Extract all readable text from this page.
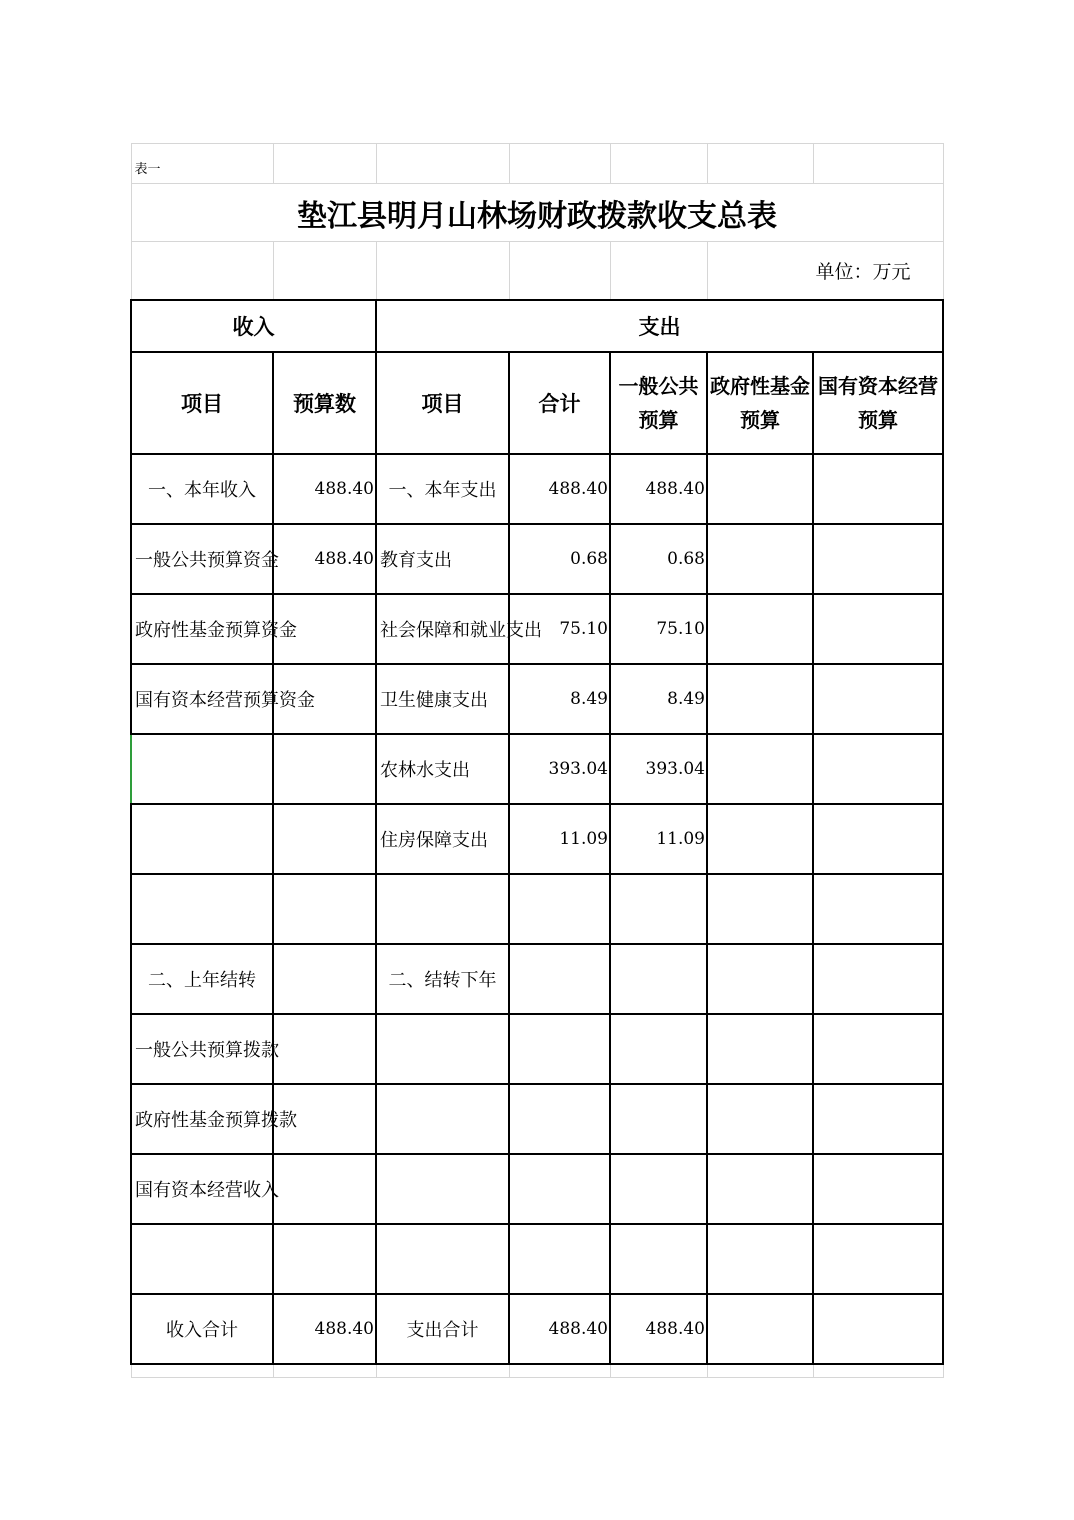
表一						
垫江县明月山林场财政拨款收支总表						
					单位：万元	
收入		支出				
项目	预算数	项目	合计	一般公共预算	政府性基金预算	国有资本经营预算
一、本年收入	488.40	一、本年支出	488.40	488.40		
一般公共预算资金	488.40	教育支出	0.68	0.68		
政府性基金预算资金		社会保障和就业支出	75.10	75.10		
国有资本经营预算资金		卫生健康支出	8.49	8.49		
		农林水支出	393.04	393.04		
		住房保障支出	11.09	11.09		

二、上年结转		二、结转下年				
一般公共预算拨款						
政府性基金预算拨款						
国有资本经营收入						

收入合计	488.40	支出合计	488.40	488.40		
